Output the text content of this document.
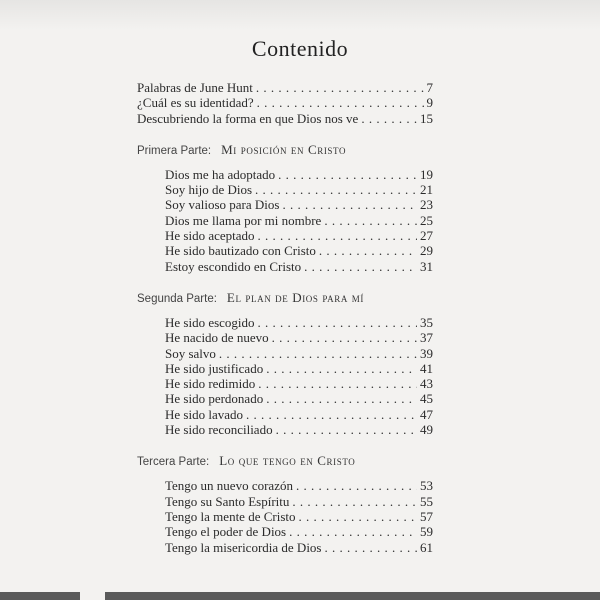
Contenido
Palabras de June Hunt . . .	7
¿Cuál es su identidad? . . .	9
Descubriendo la forma en que Dios nos ve . . .	15
Primera Parte: Mi posición en Cristo
Dios me ha adoptado . . .	19
Soy hijo de Dios . . .	21
Soy valioso para Dios . . .	23
Dios me llama por mi nombre . . .	25
He sido aceptado . . .	27
He sido bautizado con Cristo . . .	29
Estoy escondido en Cristo . . .	31
Segunda Parte: El plan de Dios para mí
He sido escogido . . .	35
He nacido de nuevo . . .	37
Soy salvo . . .	39
He sido justificado . . .	41
He sido redimido . . .	43
He sido perdonado . . .	45
He sido lavado . . .	47
He sido reconciliado . . .	49
Tercera Parte: Lo que tengo en Cristo
Tengo un nuevo corazón . . .	53
Tengo su Santo Espíritu . . .	55
Tengo la mente de Cristo . . .	57
Tengo el poder de Dios . . .	59
Tengo la misericordia de Dios . . .	61
